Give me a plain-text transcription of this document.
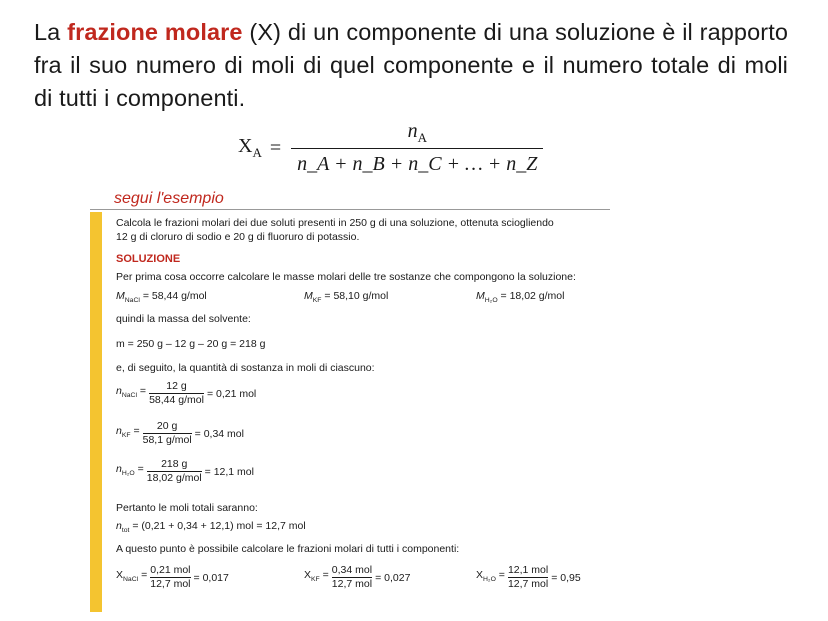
La frazione molare (X) di un componente di una soluzione è il rapporto fra il suo numero di moli di quel componente e il numero totale di moli di tutti i componenti.
$X_A = \frac{n_A}{n\_A + n\_B + n\_C + \dots + n\_Z}$
segui l'esempio

Calcola le frazioni molari dei due soluti presenti in 250 g di una soluzione, ottenuta sciogliendo

12 g di cloruro di sodio e 20 g di fluoruro di potassio.

SOLUZIONE

Per prima cosa occorre calcolare le masse molari delle tre sostanze che compongono la soluzione:

$M_{NaCl} = 58,44$ g/mol	$M_{KF} = 58,10$ g/mol	$M_{H_2O} = 18,02$ g/mol

quindi la massa del solvente:

m = 250 g – 12 g – 20 g = 218 g

e, di seguito, la quantità di sostanza in moli di ciascuno:

$n_{NaCl} = 12$ g
58,44 g/mol
= 0,21 mol

$n_{KF} = 20$ g
58,1 g/mol
= 0,34 mol

$n_{H_2O} = 218$ g
18,02 g/mol
= 12,1 mol

Pertanto le moli totali saranno:

$n_{tot} = (0,21 + 0,34 + 12,1)$ mol = 12,7 mol

A questo punto è possibile calcolare le frazioni molari di tutti i componenti:

$X_{NaCl} = 0,21$ mol
12,7 mol
= 0,017	$X_{KF} = 0,34$ mol
12,7 mol
= 0,027	$X_{H_2O} = 12,1$ mol
12,7 mol
= 0,95
